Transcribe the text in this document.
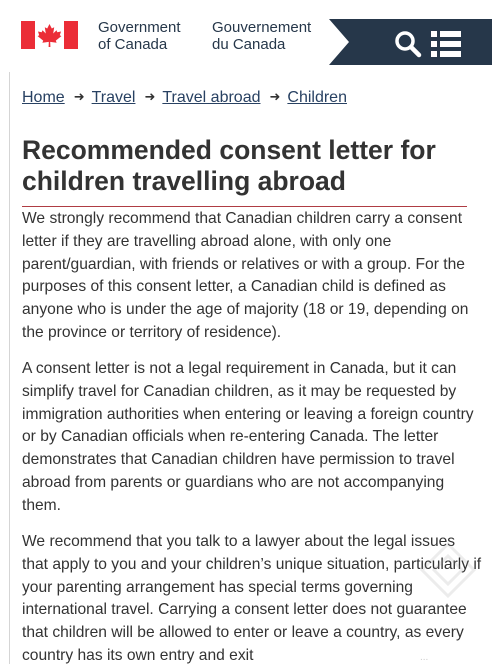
Government
of Canada
Gouvernement
du Canada
Home ➜ Travel ➜ Travel abroad ➜ Children
Recommended consent letter for children travelling abroad

We strongly recommend that Canadian children carry a consent letter if they are travelling abroad alone, with only one parent/guardian, with friends or relatives or with a group. For the purposes of this consent letter, a Canadian child is defined as anyone who is under the age of majority (18 or 19, depending on the province or territory of residence).

A consent letter is not a legal requirement in Canada, but it can simplify travel for Canadian children, as it may be requested by immigration authorities when entering or leaving a foreign country or by Canadian officials when re-entering Canada. The letter demonstrates that Canadian children have permission to travel abroad from parents or guardians who are not accompanying them.

We recommend that you talk to a lawyer about the legal issues that apply to you and your children’s unique situation, particularly if your parenting arrangement has special terms governing international travel. Carrying a consent letter does not guarantee that children will be allowed to enter or leave a country, as every country has its own entry and exit	...
